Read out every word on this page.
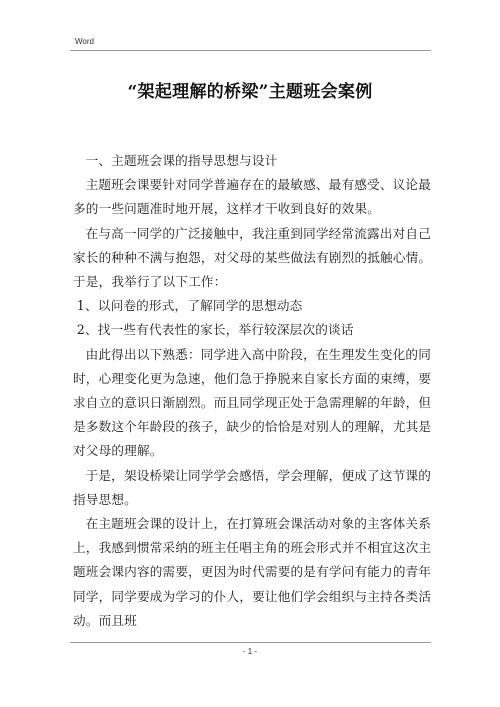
Word
“架起理解的桥梁”主题班会案例

一、主题班会课的指导思想与设计

主题班会课要针对同学普遍存在的最敏感、最有感受、议论最多的一些问题准时地开展，这样才干收到良好的效果。

在与高一同学的广泛接触中，我注重到同学经常流露出对自己家长的种种不满与抱怨，对父母的某些做法有剧烈的抵触心情。于是，我举行了以下工作：

1、以问卷的形式，了解同学的思想动态

2、找一些有代表性的家长，举行较深层次的谈话

由此得出以下熟悉：同学进入高中阶段，在生理发生变化的同时，心理变化更为急速，他们急于挣脱来自家长方面的束缚，要求自立的意识日渐剧烈。而且同学现正处于急需理解的年龄，但是多数这个年龄段的孩子，缺少的恰恰是对别人的理解，尤其是对父母的理解。

于是，架设桥梁让同学学会感悟，学会理解，便成了这节课的指导思想。

在主题班会课的设计上，在打算班会课活动对象的主客体关系上，我感到惯常采纳的班主任唱主角的班会形式并不相宜这次主题班会课内容的需要，更因为时代需要的是有学问有能力的青年同学，同学要成为学习的仆人，要让他们学会组织与主持各类活动。而且班

- 1 -
